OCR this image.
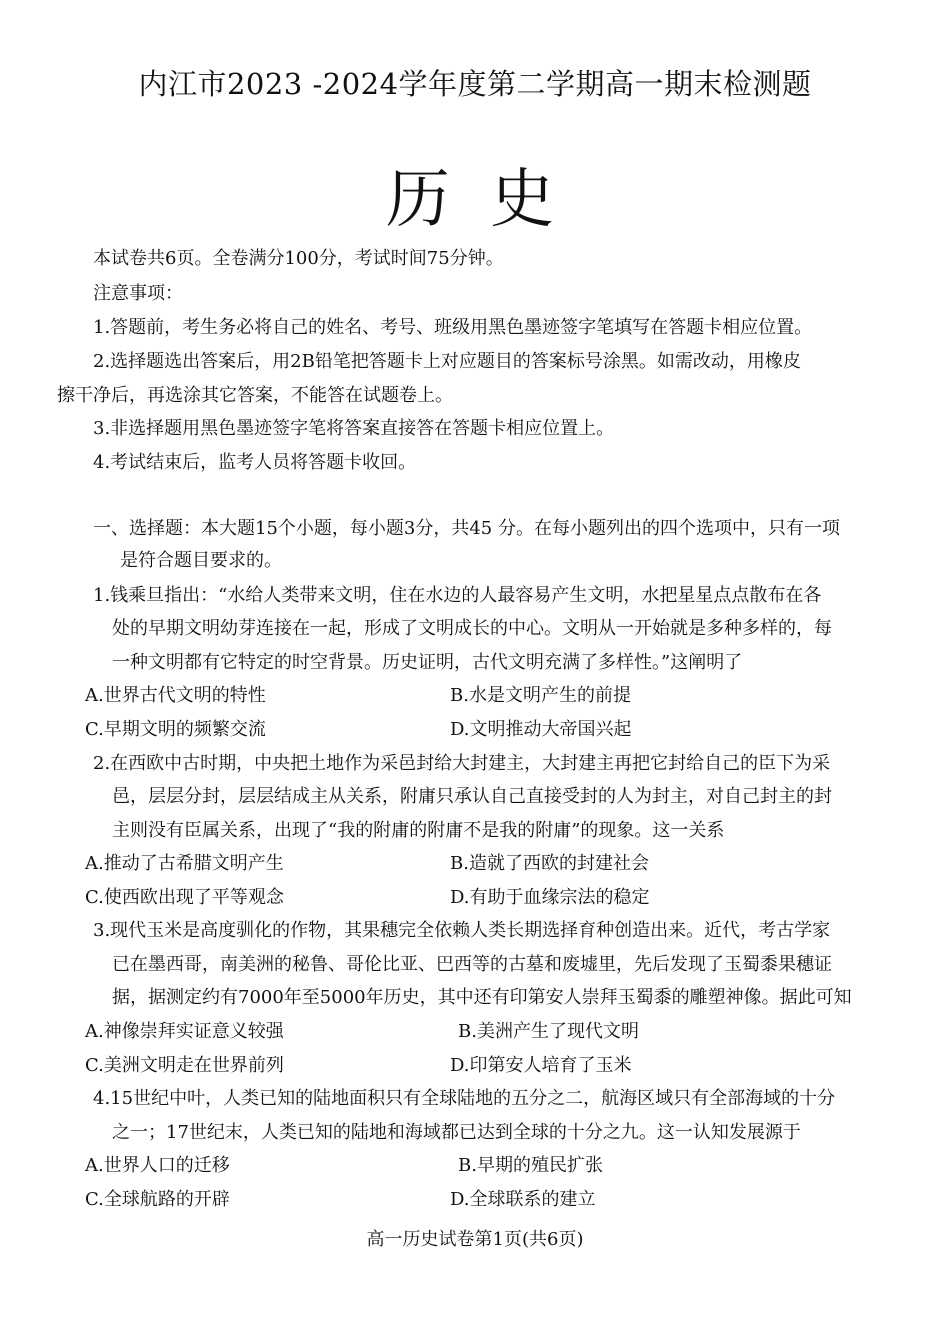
内江市2023 -2024学年度第二学期高一期末检测题
历 史
本试卷共6页。全卷满分100分，考试时间75分钟。
注意事项：
1.答题前，考生务必将自己的姓名、考号、班级用黑色墨迹签字笔填写在答题卡相应位置。
2.选择题选出答案后，用2B铅笔把答题卡上对应题目的答案标号涂黑。如需改动，用橡皮
擦干净后，再选涂其它答案，不能答在试题卷上。
3.非选择题用黑色墨迹签字笔将答案直接答在答题卡相应位置上。
4.考试结束后，监考人员将答题卡收回。
一、选择题：本大题15个小题，每小题3分，共45 分。在每小题列出的四个选项中，只有一项
是符合题目要求的。
1.钱乘旦指出：“水给人类带来文明，住在水边的人最容易产生文明，水把星星点点散布在各
处的早期文明幼芽连接在一起，形成了文明成长的中心。文明从一开始就是多种多样的，每
一种文明都有它特定的时空背景。历史证明，古代文明充满了多样性。”这阐明了
A.世界古代文明的特性	B.水是文明产生的前提
C.早期文明的频繁交流	D.文明推动大帝国兴起
2.在西欧中古时期，中央把土地作为采邑封给大封建主，大封建主再把它封给自己的臣下为采
邑，层层分封，层层结成主从关系，附庸只承认自己直接受封的人为封主，对自己封主的封
主则没有臣属关系，出现了“我的附庸的附庸不是我的附庸”的现象。这一关系
A.推动了古希腊文明产生	B.造就了西欧的封建社会
C.使西欧出现了平等观念	D.有助于血缘宗法的稳定
3.现代玉米是高度驯化的作物，其果穗完全依赖人类长期选择育种创造出来。近代，考古学家
已在墨西哥，南美洲的秘鲁、哥伦比亚、巴西等的古墓和废墟里，先后发现了玉蜀黍果穗证
据，据测定约有7000年至5000年历史，其中还有印第安人崇拜玉蜀黍的雕塑神像。据此可知
A.神像崇拜实证意义较强	B.美洲产生了现代文明
C.美洲文明走在世界前列	D.印第安人培育了玉米
4.15世纪中叶，人类已知的陆地面积只有全球陆地的五分之二，航海区域只有全部海域的十分
之一；17世纪末，人类已知的陆地和海域都已达到全球的十分之九。这一认知发展源于
A.世界人口的迁移	B.早期的殖民扩张
C.全球航路的开辟	D.全球联系的建立
高一历史试卷第1页(共6页)
